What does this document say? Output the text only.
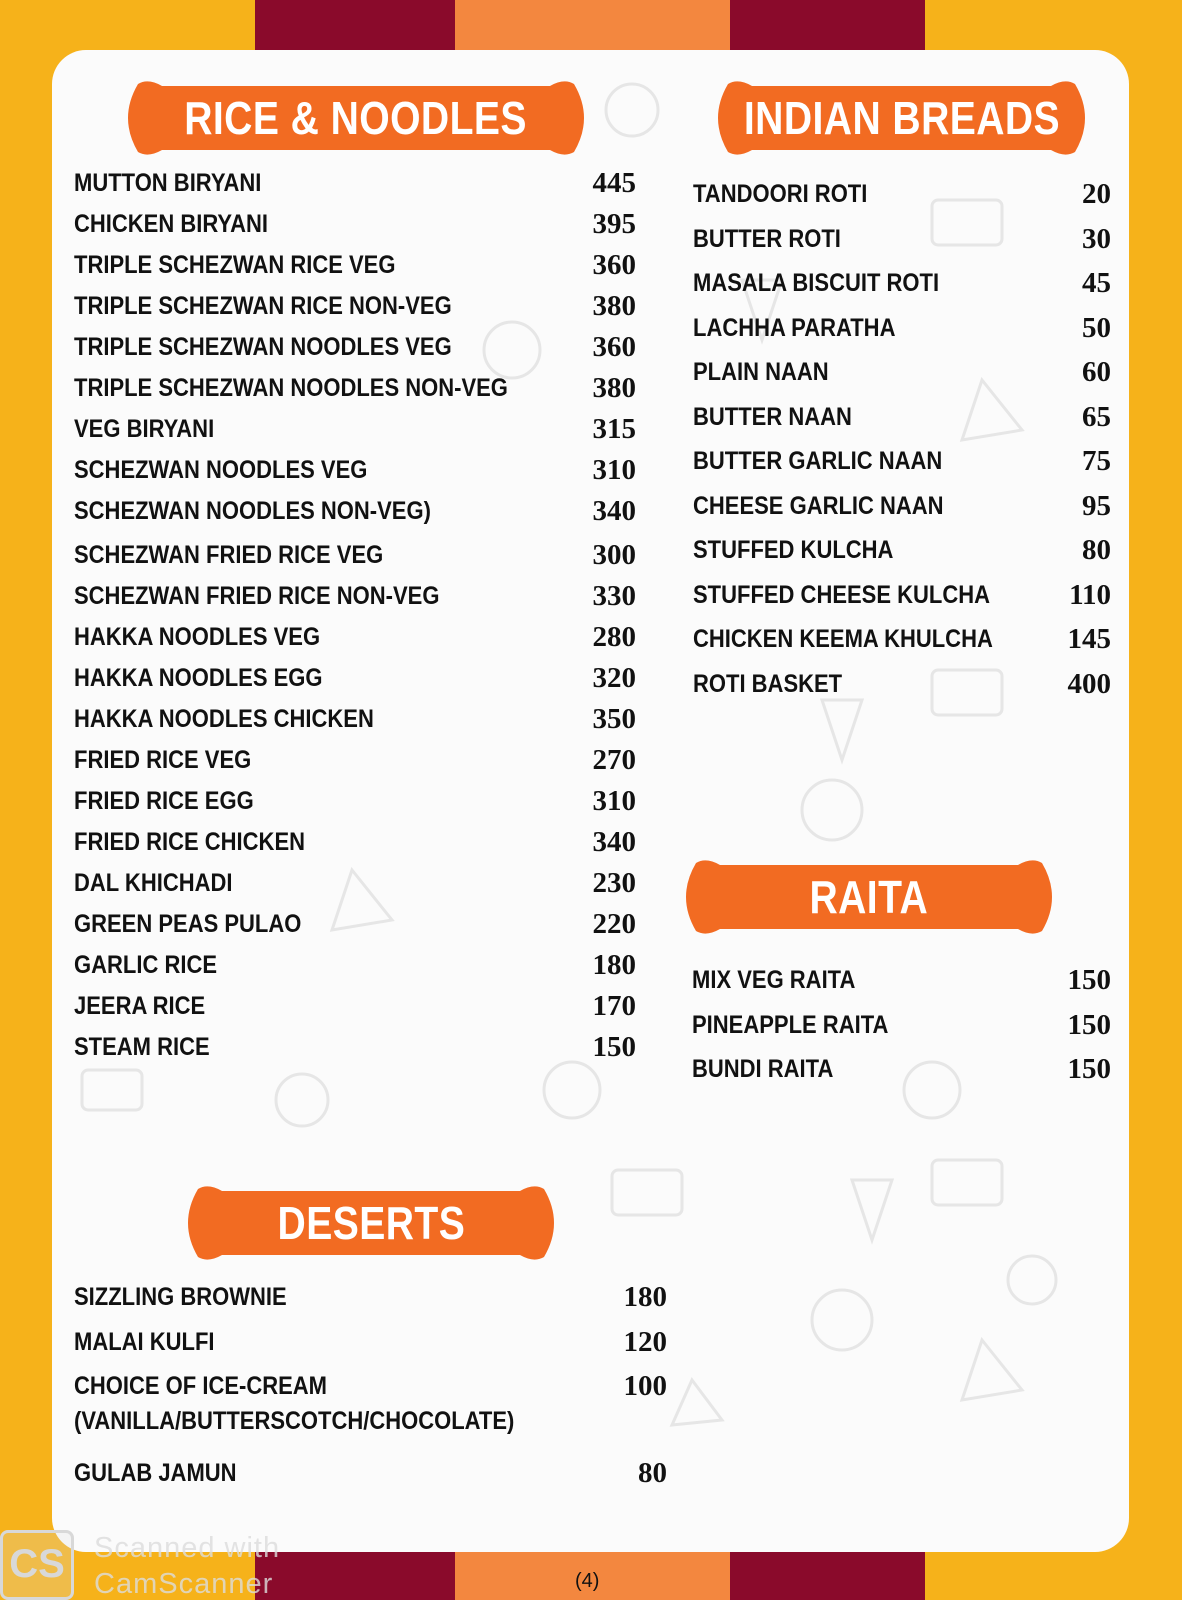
RICE & NOODLES
MUTTON BIRYANI	445
CHICKEN BIRYANI	395
TRIPLE SCHEZWAN RICE VEG	360
TRIPLE SCHEZWAN RICE NON-VEG	380
TRIPLE SCHEZWAN NOODLES VEG	360
TRIPLE SCHEZWAN NOODLES NON-VEG	380
VEG BIRYANI	315
SCHEZWAN NOODLES VEG	310
SCHEZWAN NOODLES NON-VEG)	340
SCHEZWAN FRIED RICE VEG	300
SCHEZWAN FRIED RICE NON-VEG	330
HAKKA NOODLES VEG	280
HAKKA NOODLES EGG	320
HAKKA NOODLES CHICKEN	350
FRIED RICE VEG	270
FRIED RICE EGG	310
FRIED RICE CHICKEN	340
DAL KHICHADI	230
GREEN PEAS PULAO	220
GARLIC RICE	180
JEERA RICE	170
STEAM RICE	150
INDIAN BREADS
TANDOORI ROTI	20
BUTTER ROTI	30
MASALA BISCUIT ROTI	45
LACHHA PARATHA	50
PLAIN NAAN	60
BUTTER NAAN	65
BUTTER GARLIC NAAN	75
CHEESE GARLIC NAAN	95
STUFFED KULCHA	80
STUFFED CHEESE KULCHA	110
CHICKEN KEEMA KHULCHA	145
ROTI BASKET	400
RAITA
MIX VEG RAITA	150
PINEAPPLE RAITA	150
BUNDI RAITA	150
DESERTS
SIZZLING BROWNIE	180
MALAI KULFI	120
CHOICE OF ICE-CREAM	100
(VANILLA/BUTTERSCOTCH/CHOCOLATE)
GULAB JAMUN	80
CS	Scanned with
CamScanner	(4)
